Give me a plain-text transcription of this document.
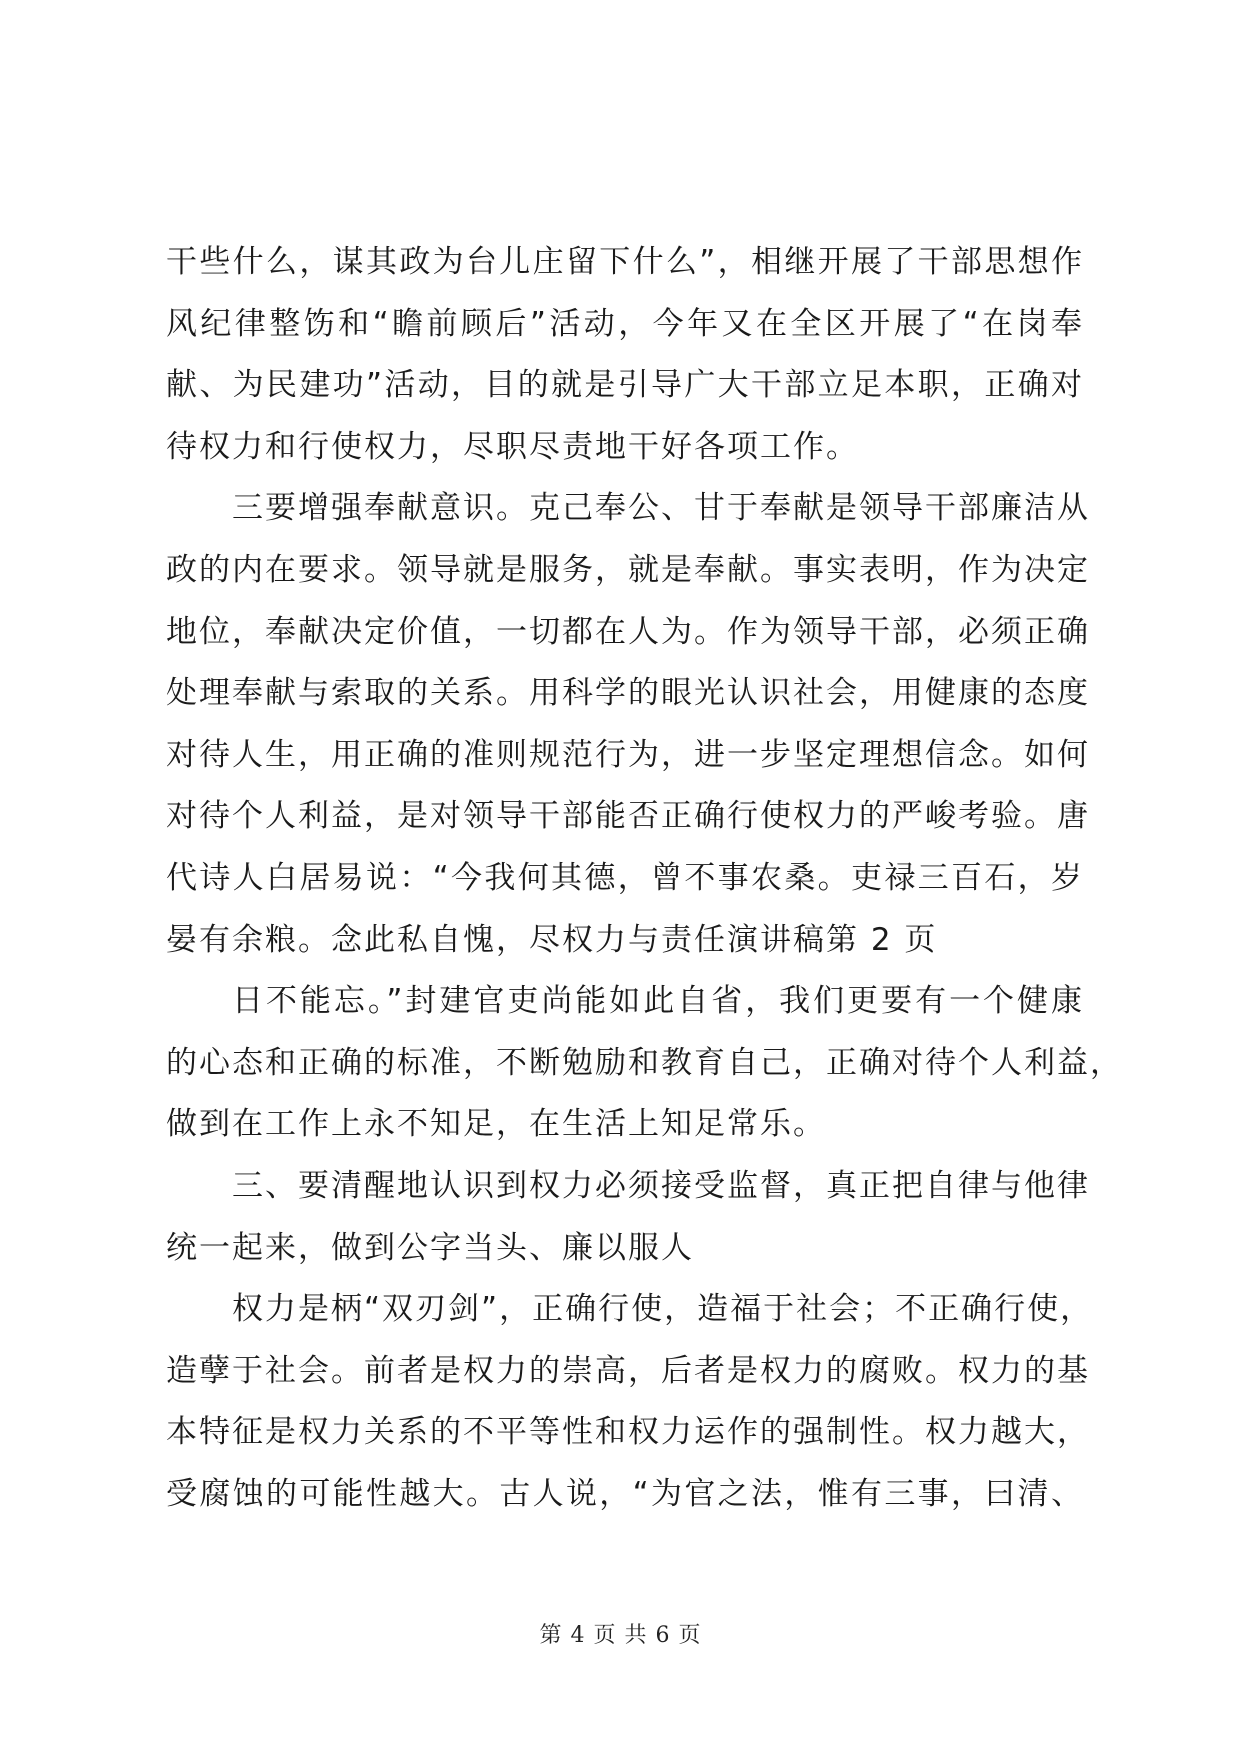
干些什么，谋其政为台儿庄留下什么”，相继开展了干部思想作
风纪律整饬和“瞻前顾后”活动，今年又在全区开展了“在岗奉
献、为民建功”活动，目的就是引导广大干部立足本职，正确对
待权力和行使权力，尽职尽责地干好各项工作。
三要增强奉献意识。克己奉公、甘于奉献是领导干部廉洁从
政的内在要求。领导就是服务，就是奉献。事实表明，作为决定
地位，奉献决定价值，一切都在人为。作为领导干部，必须正确
处理奉献与索取的关系。用科学的眼光认识社会，用健康的态度
对待人生，用正确的准则规范行为，进一步坚定理想信念。如何
对待个人利益，是对领导干部能否正确行使权力的严峻考验。唐
代诗人白居易说：“今我何其德，曾不事农桑。吏禄三百石，岁
晏有余粮。念此私自愧，尽权力与责任演讲稿第 2 页
日不能忘。”封建官吏尚能如此自省，我们更要有一个健康
的心态和正确的标准，不断勉励和教育自己，正确对待个人利益，
做到在工作上永不知足，在生活上知足常乐。
三、要清醒地认识到权力必须接受监督，真正把自律与他律
统一起来，做到公字当头、廉以服人
权力是柄“双刃剑”，正确行使，造福于社会；不正确行使，
造孽于社会。前者是权力的崇高，后者是权力的腐败。权力的基
本特征是权力关系的不平等性和权力运作的强制性。权力越大，
受腐蚀的可能性越大。古人说，“为官之法，惟有三事，曰清、
第 4 页 共 6 页
